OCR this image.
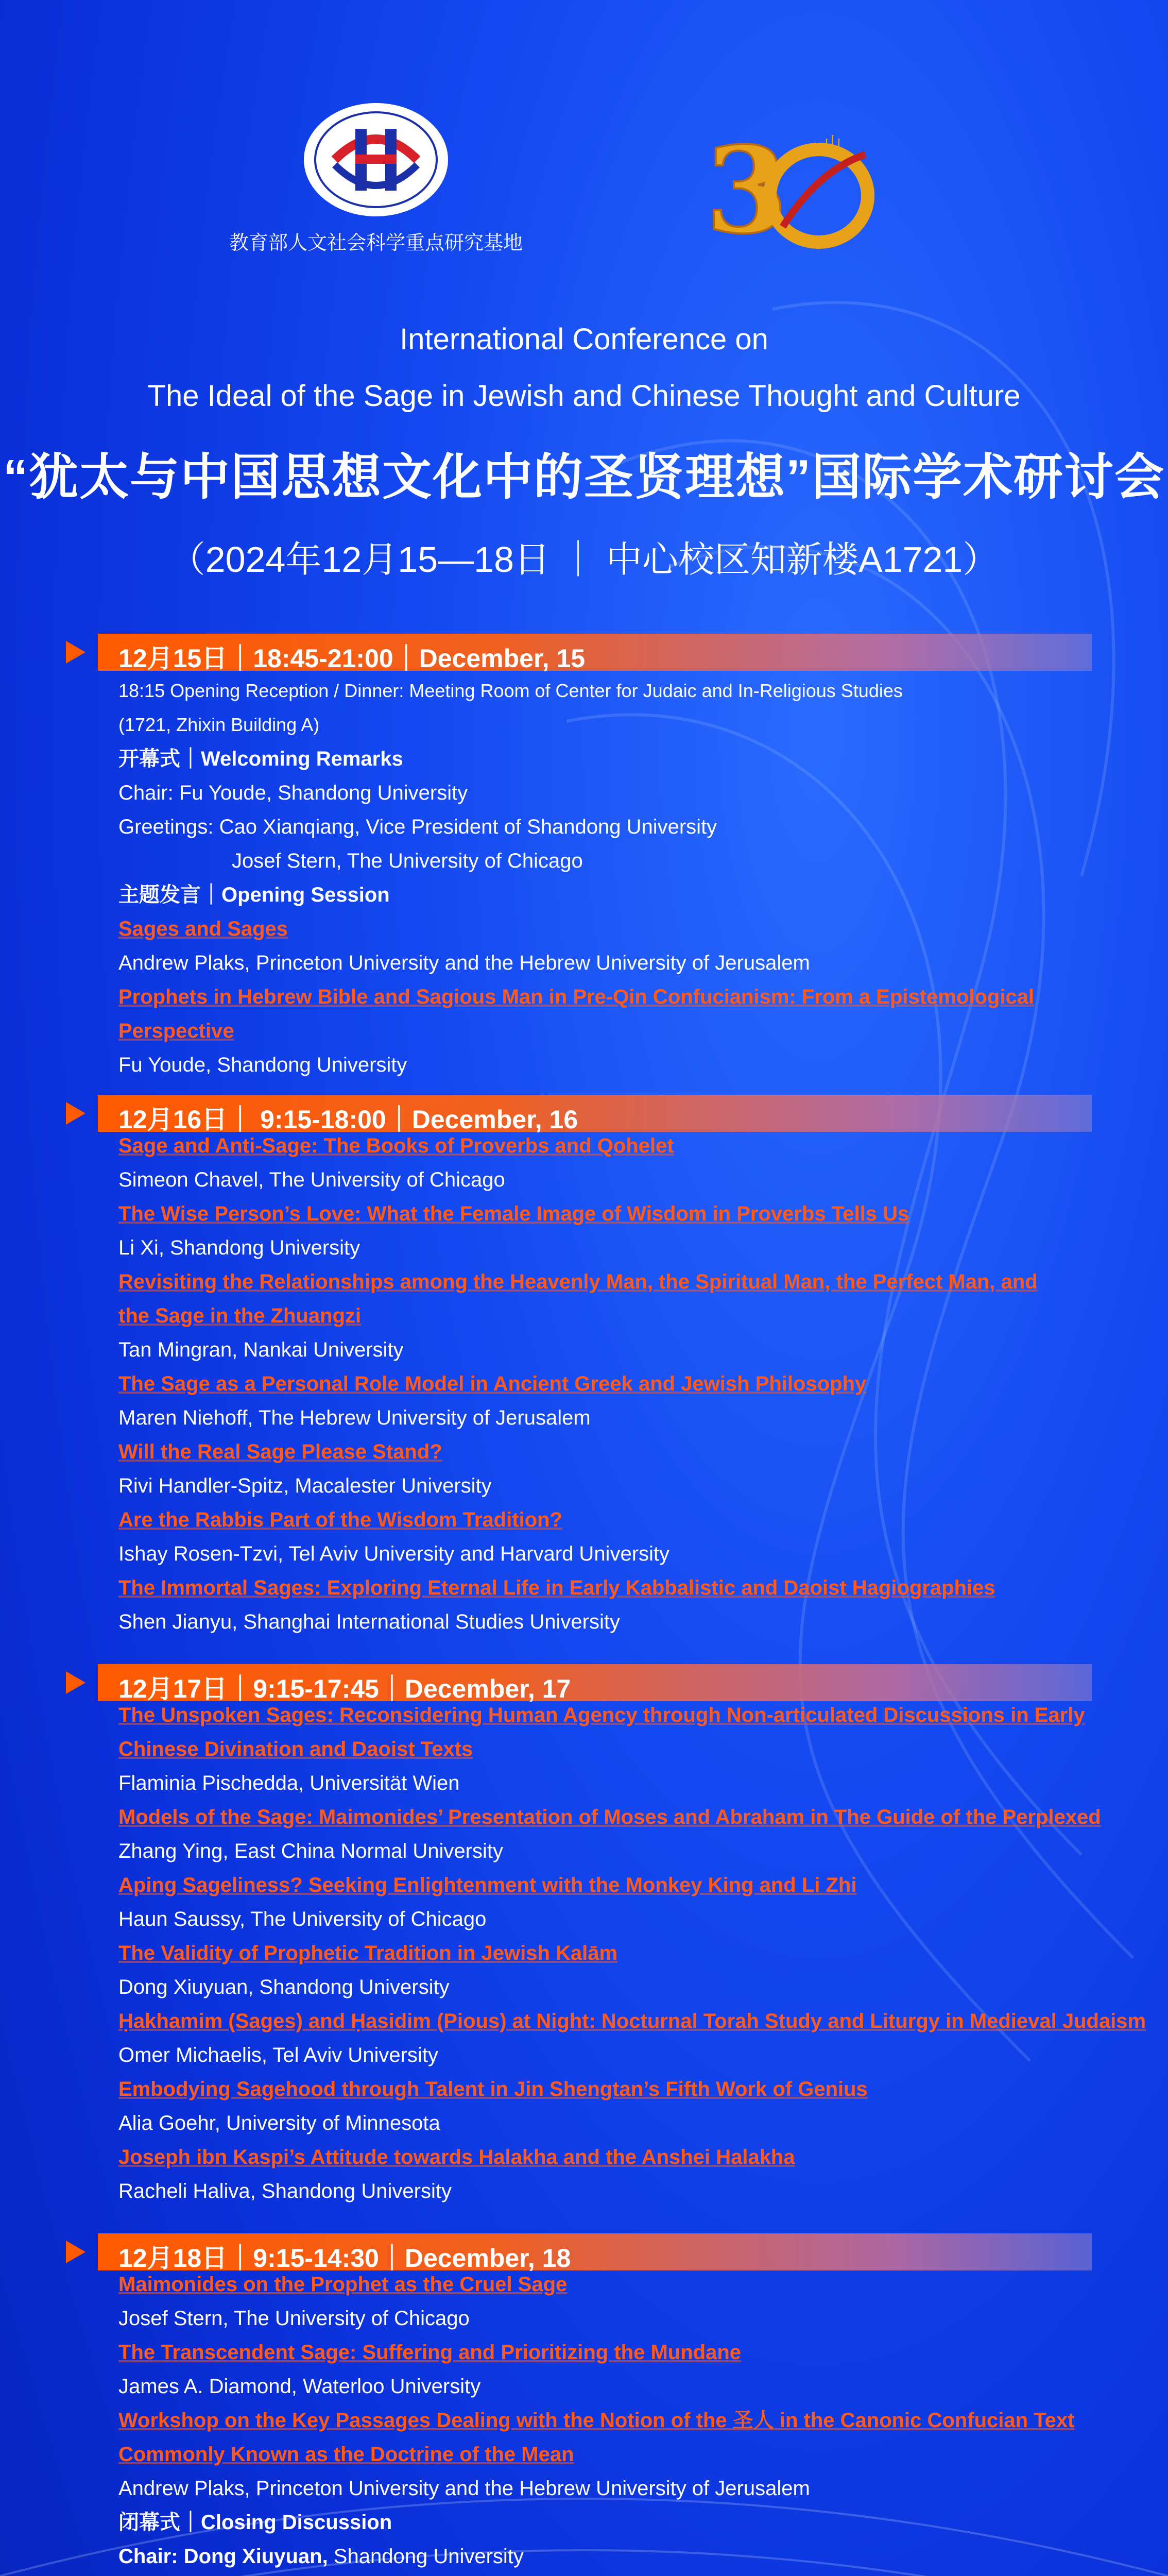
教育部人文社会科学重点研究基地 3 山
International Conference on
The Ideal of the Sage in Jewish and Chinese Thought and Culture
“犹太与中国思想文化中的圣贤理想”国际学术研讨会
（2024年12月15—18日 ｜ 中心校区知新楼A1721）
12月15日｜18:45-21:00｜December, 15
18:15 Opening Reception / Dinner: Meeting Room of Center for Judaic and In-Religious Studies
(1721, Zhixin Building A)
开幕式｜Welcoming Remarks
Chair: Fu Youde, Shandong University
Greetings: Cao Xianqiang, Vice President of Shandong University
Josef Stern, The University of Chicago
主题发言｜Opening Session
Sages and Sages
Andrew Plaks, Princeton University and the Hebrew University of Jerusalem
Prophets in Hebrew Bible and Sagious Man in Pre-Qin Confucianism: From a Epistemological
Perspective
Fu Youde, Shandong University
12月16日｜ 9:15-18:00｜December, 16
Sage and Anti-Sage: The Books of Proverbs and Qohelet
Simeon Chavel, The University of Chicago
The Wise Person’s Love: What the Female Image of Wisdom in Proverbs Tells Us
Li Xi, Shandong University
Revisiting the Relationships among the Heavenly Man, the Spiritual Man, the Perfect Man, and
the Sage in the Zhuangzi
Tan Mingran, Nankai University
The Sage as a Personal Role Model in Ancient Greek and Jewish Philosophy
Maren Niehoff, The Hebrew University of Jerusalem
Will the Real Sage Please Stand?
Rivi Handler-Spitz, Macalester University
Are the Rabbis Part of the Wisdom Tradition?
Ishay Rosen-Tzvi, Tel Aviv University and Harvard University
The Immortal Sages: Exploring Eternal Life in Early Kabbalistic and Daoist Hagiographies
Shen Jianyu, Shanghai International Studies University
12月17日｜9:15-17:45｜December, 17
The Unspoken Sages: Reconsidering Human Agency through Non-articulated Discussions in Early
Chinese Divination and Daoist Texts
Flaminia Pischedda, Universität Wien
Models of the Sage: Maimonides’ Presentation of Moses and Abraham in The Guide of the Perplexed
Zhang Ying, East China Normal University
Aping Sageliness? Seeking Enlightenment with the Monkey King and Li Zhi
Haun Saussy, The University of Chicago
The Validity of Prophetic Tradition in Jewish Kalām
Dong Xiuyuan, Shandong University
Ḥakhamim (Sages) and Ḥasidim (Pious) at Night: Nocturnal Torah Study and Liturgy in Medieval Judaism
Omer Michaelis, Tel Aviv University
Embodying Sagehood through Talent in Jin Shengtan’s Fifth Work of Genius
Alia Goehr, University of Minnesota
Joseph ibn Kaspi’s Attitude towards Halakha and the Anshei Halakha
Racheli Haliva, Shandong University
12月18日｜9:15-14:30｜December, 18
Maimonides on the Prophet as the Cruel Sage
Josef Stern, The University of Chicago
The Transcendent Sage: Suffering and Prioritizing the Mundane
James A. Diamond, Waterloo University
Workshop on the Key Passages Dealing with the Notion of the 圣人 in the Canonic Confucian Text
Commonly Known as the Doctrine of the Mean
Andrew Plaks, Princeton University and the Hebrew University of Jerusalem
闭幕式｜Closing Discussion
Chair: Dong Xiuyuan, Shandong University
